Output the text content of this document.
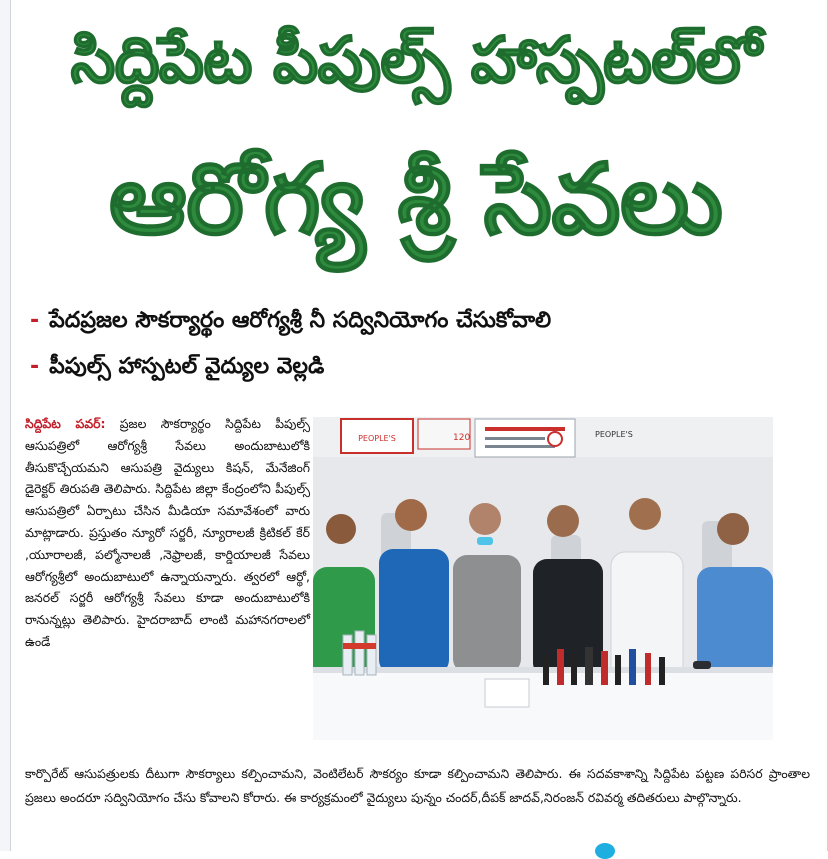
సిద్దిపేట పీపుల్స్ హాస్పటల్‌లో
ఆరోగ్య శ్రీ సేవలు
- పేదప్రజల సౌకర్యార్థం ఆరోగ్యశ్రీ నీ సద్వినియోగం చేసుకోవాలి
- పీపుల్స్ హాస్పటల్ వైద్యుల వెల్లడి
సిద్దిపేట పవర్: ప్రజల సౌకర్యార్థం సిద్దిపేట పీపుల్స్ ఆసుపత్రిలో ఆరోగ్యశ్రీ సేవలు అందుబాటులోకి తీసుకొచ్చేయమని ఆసుపత్రి వైద్యులు కిషన్, మేనేజింగ్ డైరెక్టర్ తిరుపతి తెలిపారు. సిద్దిపేట జిల్లా కేంద్రంలోని పీపుల్స్ ఆసుపత్రిలో ఏర్పాటు చేసిన మీడియా సమావేశంలో వారు మాట్లాడారు. ప్రస్తుతం న్యూరో సర్జరీ, న్యూరాలజీ క్రిటికల్ కేర్ ,యూరాలజీ, పల్మోనాలజీ ,నెఫ్రాలజీ, కార్డియాలజీ సేవలు ఆరోగ్యశ్రీలో అందుబాటులో ఉన్నాయన్నారు. త్వరలో ఆర్థో, జనరల్ సర్జరీ ఆరోగ్యశ్రీ సేవలు కూడా అందుబాటులోకి రానున్నట్లు తెలిపారు. హైదరాబాద్ లాంటి మహానగరాలలో ఉండే
PEOPLE'S	120	PEOPLE'S
కార్పొరేట్ ఆసుపత్రులకు దీటుగా సౌకర్యాలు కల్పించామని, వెంటిలేటర్ సౌకర్యం కూడా కల్పించామని తెలిపారు. ఈ సదవకాశాన్ని సిద్దిపేట పట్టణ పరిసర ప్రాంతాల ప్రజలు అందరూ సద్వినియోగం చేసు కోవాలని కోరారు. ఈ కార్యక్రమంలో వైద్యులు పున్నం చందర్,దీపక్ జాదవ్,నిరంజన్ రవివర్మ తదితరులు పాల్గొన్నారు.
